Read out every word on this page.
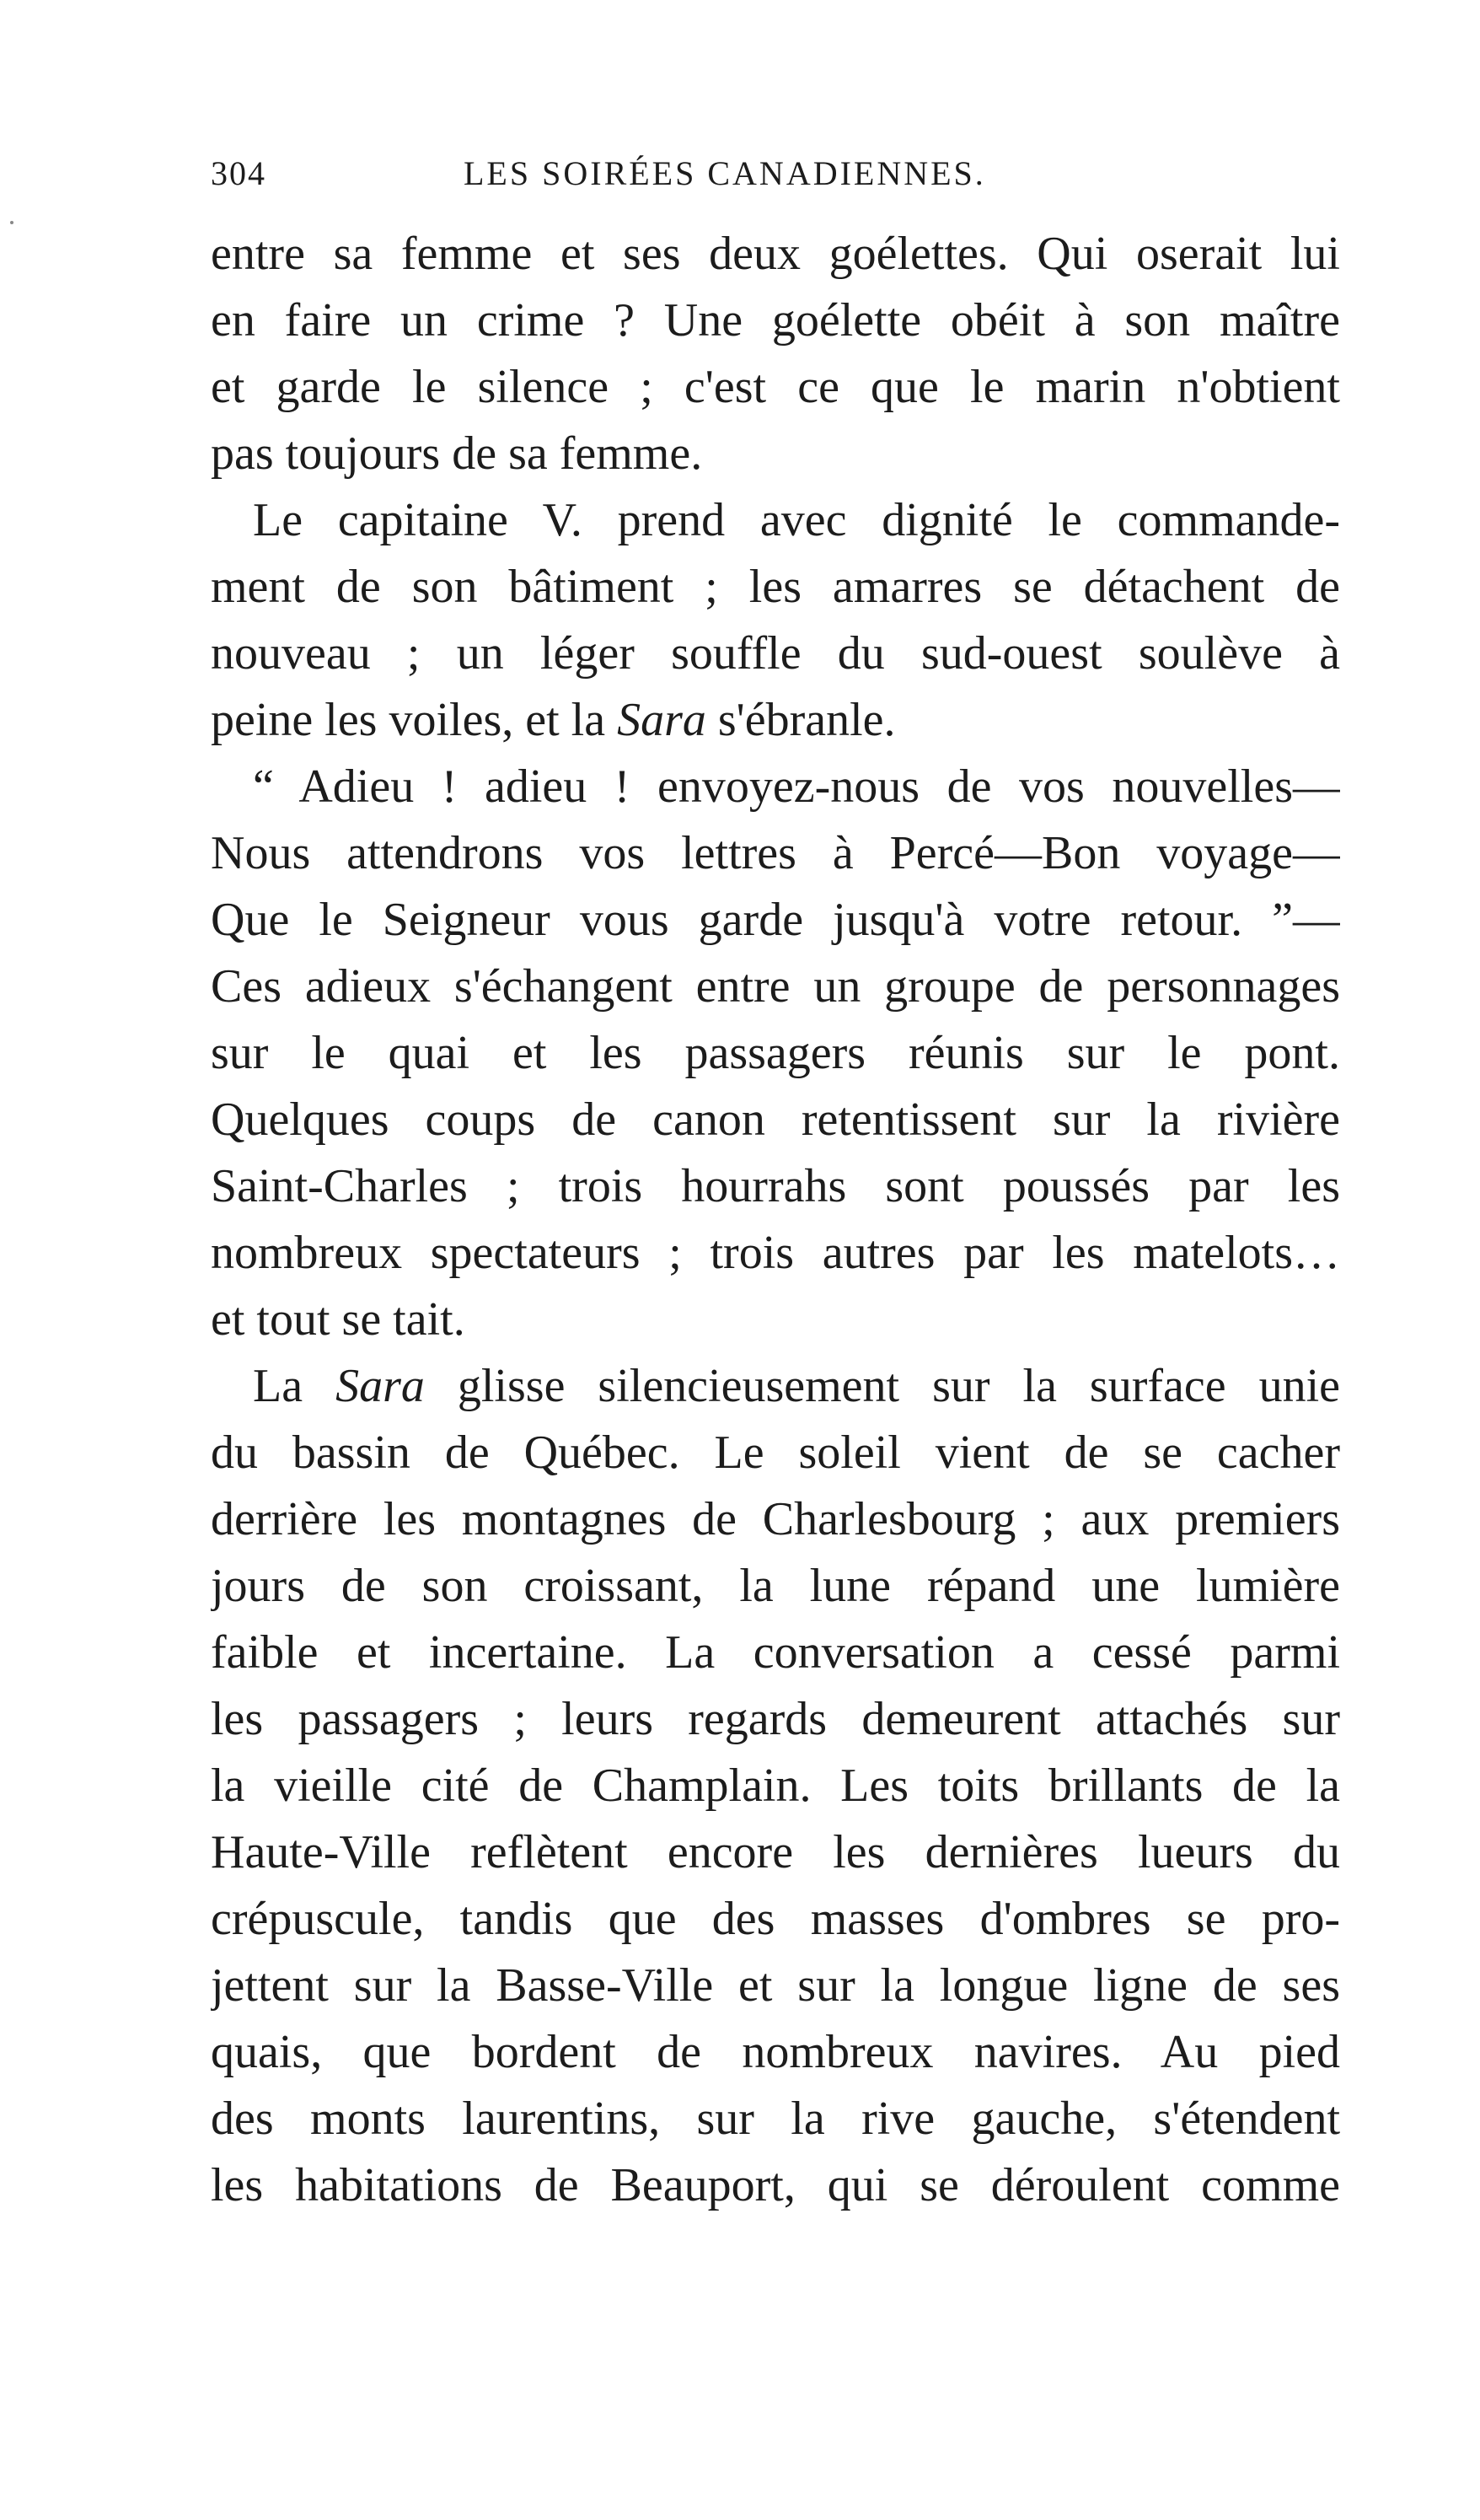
304	LES SOIRÉES CANADIENNES.
entre sa femme et ses deux goélettes. Qui oserait lui
en faire un crime ? Une goélette obéit à son maître
et garde le silence ; c'est ce que le marin n'obtient
pas toujours de sa femme.
Le capitaine V. prend avec dignité le commande-
ment de son bâtiment ; les amarres se détachent de
nouveau ; un léger souffle du sud-ouest soulève à
peine les voiles, et la Sara s'ébranle.
“ Adieu ! adieu ! envoyez-nous de vos nouvelles—
Nous attendrons vos lettres à Percé—Bon voyage—
Que le Seigneur vous garde jusqu'à votre retour. ”—
Ces adieux s'échangent entre un groupe de personnages
sur le quai et les passagers réunis sur le pont.
Quelques coups de canon retentissent sur la rivière
Saint-Charles ; trois hourrahs sont poussés par les
nombreux spectateurs ; trois autres par les matelots…
et tout se tait.
La Sara glisse silencieusement sur la surface unie
du bassin de Québec. Le soleil vient de se cacher
derrière les montagnes de Charlesbourg ; aux premiers
jours de son croissant, la lune répand une lumière
faible et incertaine. La conversation a cessé parmi
les passagers ; leurs regards demeurent attachés sur
la vieille cité de Champlain. Les toits brillants de la
Haute-Ville reflètent encore les dernières lueurs du
crépuscule, tandis que des masses d'ombres se pro-
jettent sur la Basse-Ville et sur la longue ligne de ses
quais, que bordent de nombreux navires. Au pied
des monts laurentins, sur la rive gauche, s'étendent
les habitations de Beauport, qui se déroulent comme
